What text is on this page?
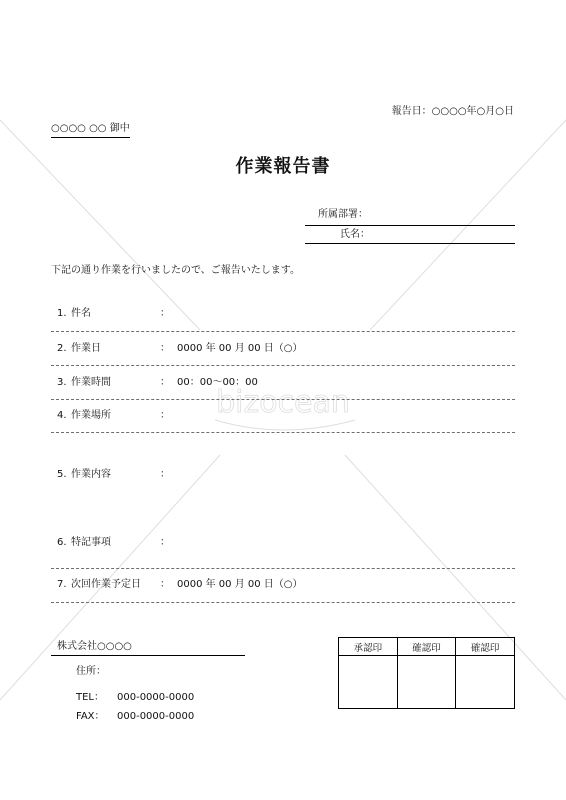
bizocean
報告日：○○○○年○月○日
○○○○ ○○ 御中
作業報告書
所属部署：
氏名：
下記の通り作業を行いましたので、ご報告いたします。
1. 件名	：
2. 作業日	： 0000 年 00 月 00 日（○）
3. 作業時間	： 00：00～00：00
4. 作業場所	：
5. 作業内容	：
6. 特記事項	：
7. 次回作業予定日 ： 0000 年 00 月 00 日（○）
株式会社○○○○
住所：
TEL： 000-0000-0000
FAX： 000-0000-0000
承認印	確認印	確認印
